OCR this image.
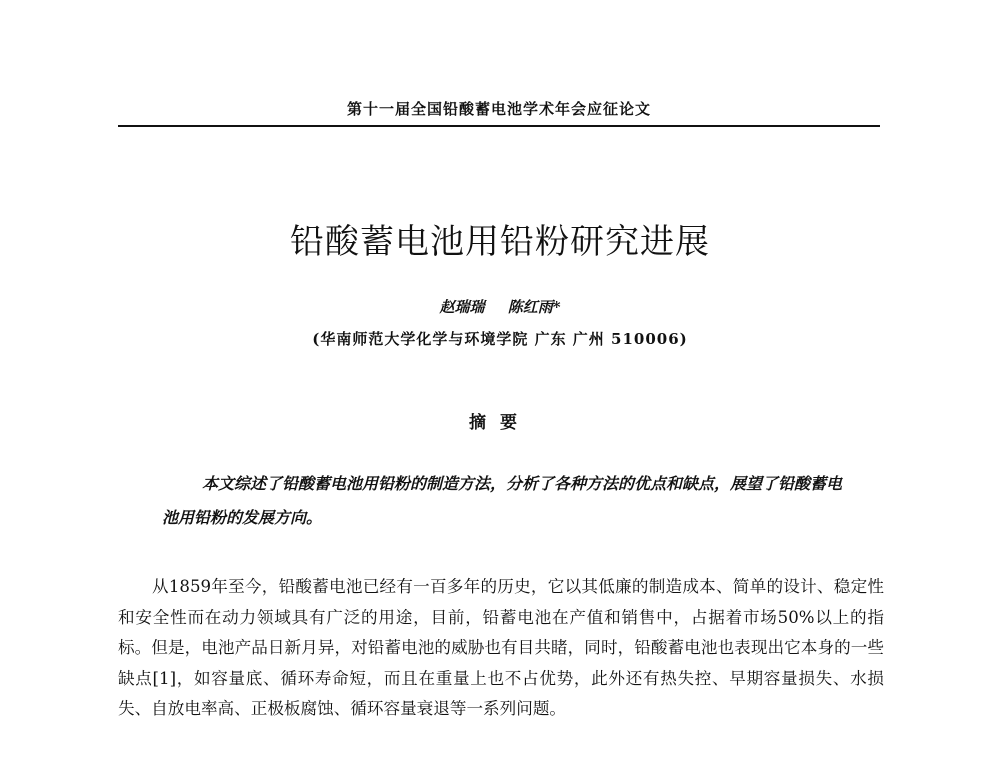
第十一届全国铅酸蓄电池学术年会应征论文
铅酸蓄电池用铅粉研究进展
赵瑞瑞 陈红雨*
(华南师范大学化学与环境学院 广东 广州 510006)
摘要

本文综述了铅酸蓄电池用铅粉的制造方法，分析了各种方法的优点和缺点，展望了铅酸蓄电池用铅粉的发展方向。

从1859年至今，铅酸蓄电池已经有一百多年的历史，它以其低廉的制造成本、简单的设计、稳定性和安全性而在动力领域具有广泛的用途，目前，铅蓄电池在产值和销售中，占据着市场50%以上的指标。但是，电池产品日新月异，对铅蓄电池的威胁也有目共睹，同时，铅酸蓄电池也表现出它本身的一些缺点[1]，如容量底、循环寿命短，而且在重量上也不占优势，此外还有热失控、早期容量损失、水损失、自放电率高、正极板腐蚀、循环容量衰退等一系列问题。
